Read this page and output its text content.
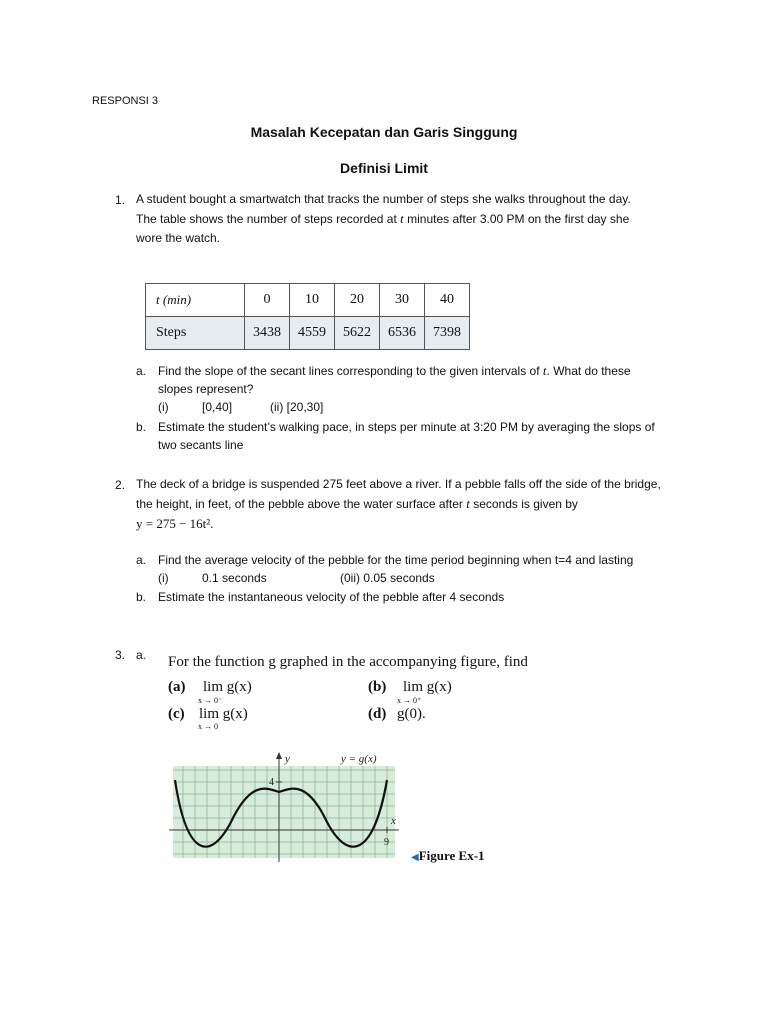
RESPONSI 3
Masalah Kecepatan dan Garis Singgung
Definisi Limit
1. A student bought a smartwatch that tracks the number of steps she walks throughout the day.
The table shows the number of steps recorded at t minutes after 3.00 PM on the first day she
wore the watch.
t (min)	0	10	20	30	40
Steps	3438	4559	5622	6536	7398
a. Find the slope of the secant lines corresponding to the given intervals of t. What do these
slopes represent?
(i)	[0,40]	(ii) [20,30]
b. Estimate the student’s walking pace, in steps per minute at 3:20 PM by averaging the slops of
two secants line
2. The deck of a bridge is suspended 275 feet above a river. If a pebble falls off the side of the bridge,
the height, in feet, of the pebble above the water surface after t seconds is given by
y = 275 − 16t².
a. Find the average velocity of the pebble for the time period beginning when t=4 and lasting
(i)	0.1 seconds	(0ii) 0.05 seconds
b. Estimate the instantaneous velocity of the pebble after 4 seconds
3. a. For the function g graphed in the accompanying figure, find
(a) lim g(x)
x → 0⁻
(b) lim g(x)
x → 0⁺
(c) lim g(x)
x → 0
(d) g(0).
y
x
y = g(x)
4
9
◀Figure Ex-1
